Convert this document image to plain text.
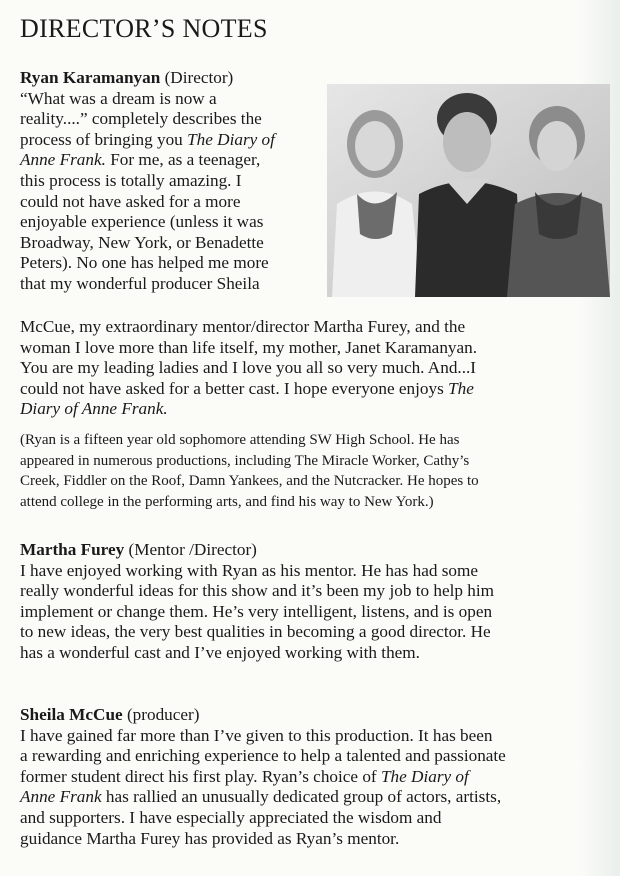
DIRECTOR’S NOTES
Ryan Karamanyan (Director)
“What was a dream is now a
reality....” completely describes the
process of bringing you The Diary of
Anne Frank. For me, as a teenager,
this process is totally amazing. I
could not have asked for a more
enjoyable experience (unless it was
Broadway, New York, or Benadette
Peters). No one has helped me more
that my wonderful producer Sheila
McCue, my extraordinary mentor/director Martha Furey, and the
woman I love more than life itself, my mother, Janet Karamanyan.
You are my leading ladies and I love you all so very much. And...I
could not have asked for a better cast. I hope everyone enjoys The
Diary of Anne Frank.
(Ryan is a fifteen year old sophomore attending SW High School. He has
appeared in numerous productions, including The Miracle Worker, Cathy’s
Creek, Fiddler on the Roof, Damn Yankees, and the Nutcracker. He hopes to
attend college in the performing arts, and find his way to New York.)
Martha Furey (Mentor /Director)
I have enjoyed working with Ryan as his mentor. He has had some
really wonderful ideas for this show and it’s been my job to help him
implement or change them. He’s very intelligent, listens, and is open
to new ideas, the very best qualities in becoming a good director. He
has a wonderful cast and I’ve enjoyed working with them.
Sheila McCue (producer)
I have gained far more than I’ve given to this production. It has been
a rewarding and enriching experience to help a talented and passionate
former student direct his first play. Ryan’s choice of The Diary of
Anne Frank has rallied an unusually dedicated group of actors, artists,
and supporters. I have especially appreciated the wisdom and
guidance Martha Furey has provided as Ryan’s mentor.
